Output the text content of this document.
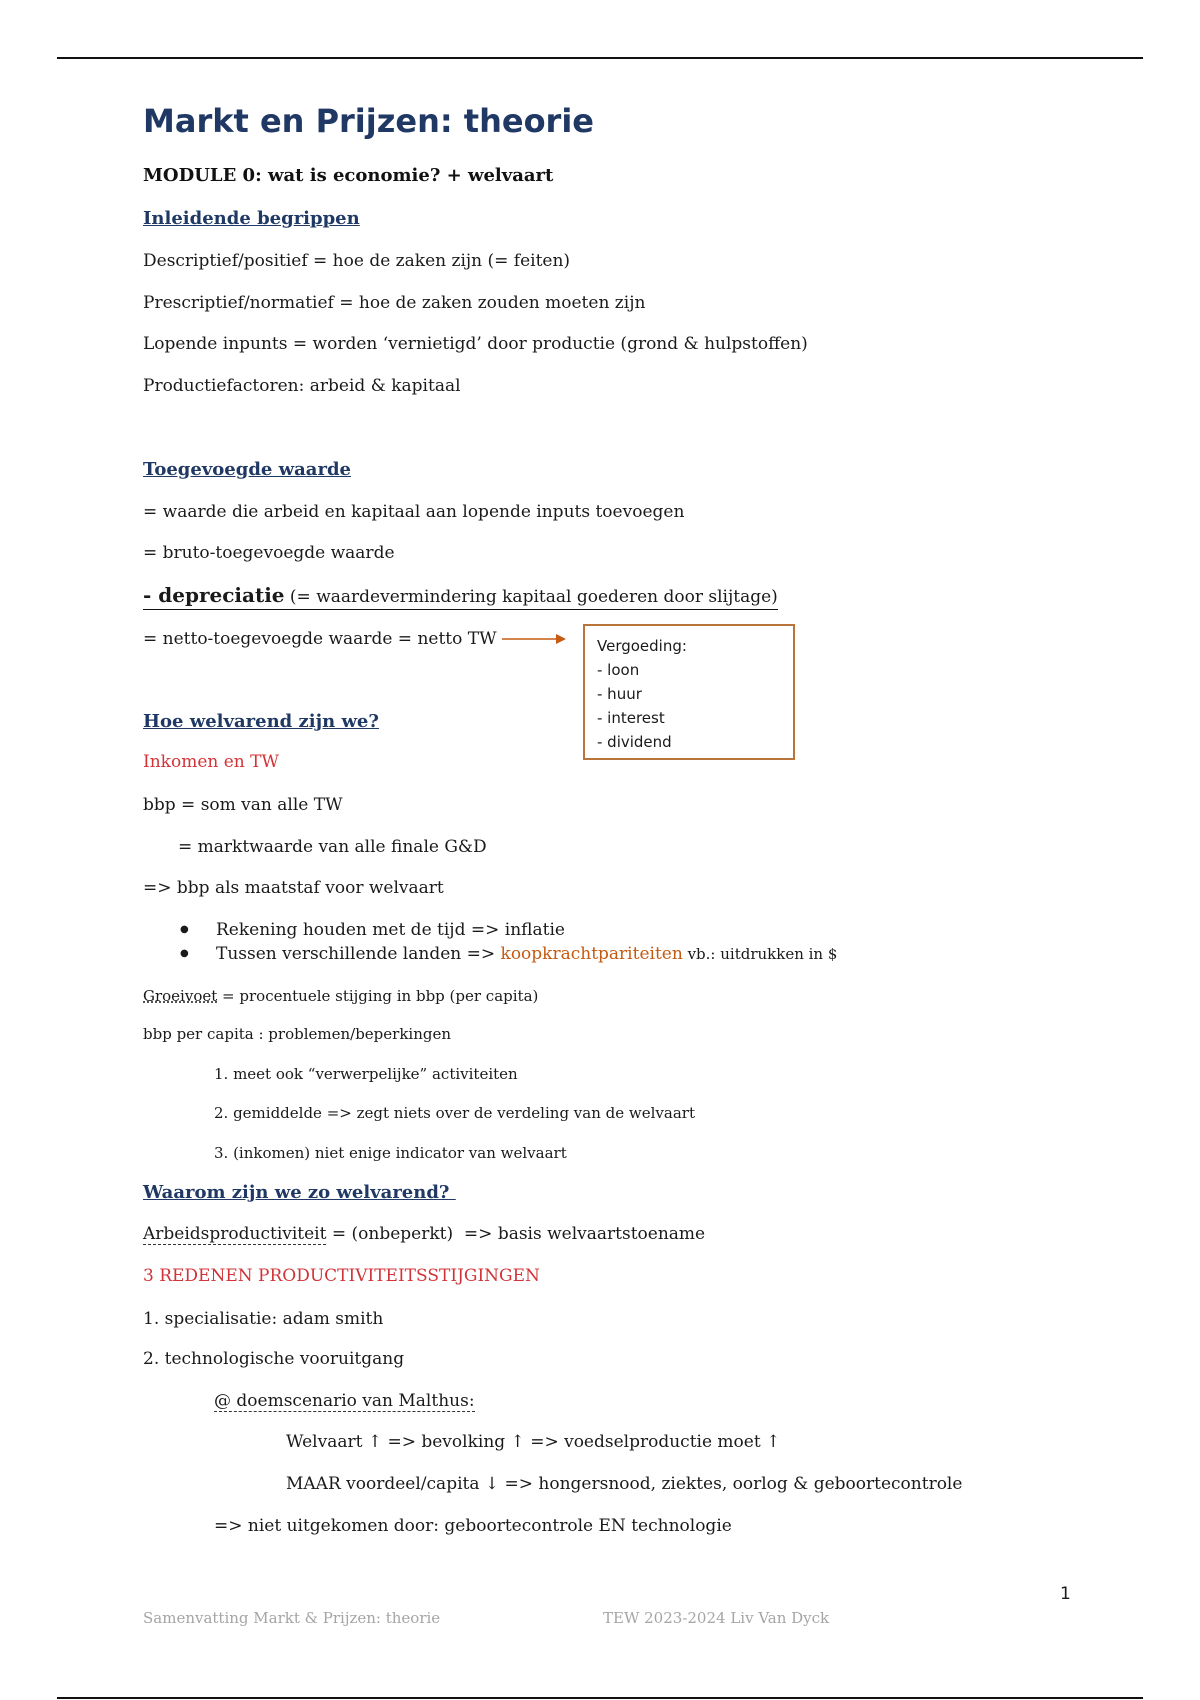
Markt en Prijzen: theorie
MODULE 0: wat is economie? + welvaart
Inleidende begrippen
Descriptief/positief = hoe de zaken zijn (= feiten)
Prescriptief/normatief = hoe de zaken zouden moeten zijn
Lopende inpunts = worden ‘vernietigd’ door productie (grond & hulpstoffen)
Productiefactoren: arbeid & kapitaal
Toegevoegde waarde
= waarde die arbeid en kapitaal aan lopende inputs toevoegen
= bruto-toegevoegde waarde
- depreciatie (= waardevermindering kapitaal goederen door slijtage)
= netto-toegevoegde waarde = netto TW	Vergoeding:
- loon
- huur
- interest
- dividend
Hoe welvarend zijn we?
Inkomen en TW
bbp = som van alle TW
= marktwaarde van alle finale G&D
=> bbp als maatstaf voor welvaart
● Rekening houden met de tijd => inflatie
● Tussen verschillende landen => koopkrachtpariteiten vb.: uitdrukken in $
Groeivoet = procentuele stijging in bbp (per capita)
bbp per capita : problemen/beperkingen
1. meet ook “verwerpelijke” activiteiten
2. gemiddelde => zegt niets over de verdeling van de welvaart
3. (inkomen) niet enige indicator van welvaart
Waarom zijn we zo welvarend?
Arbeidsproductiviteit = (onbeperkt)  => basis welvaartstoename
3 REDENEN PRODUCTIVITEITSSTIJGINGEN
1. specialisatie: adam smith
2. technologische vooruitgang
@ doemscenario van Malthus:
Welvaart ↑ => bevolking ↑ => voedselproductie moet ↑
MAAR voordeel/capita ↓ => hongersnood, ziektes, oorlog & geboortecontrole
=> niet uitgekomen door: geboortecontrole EN technologie
1
Samenvatting Markt & Prijzen: theorie	TEW 2023-2024 Liv Van Dyck
